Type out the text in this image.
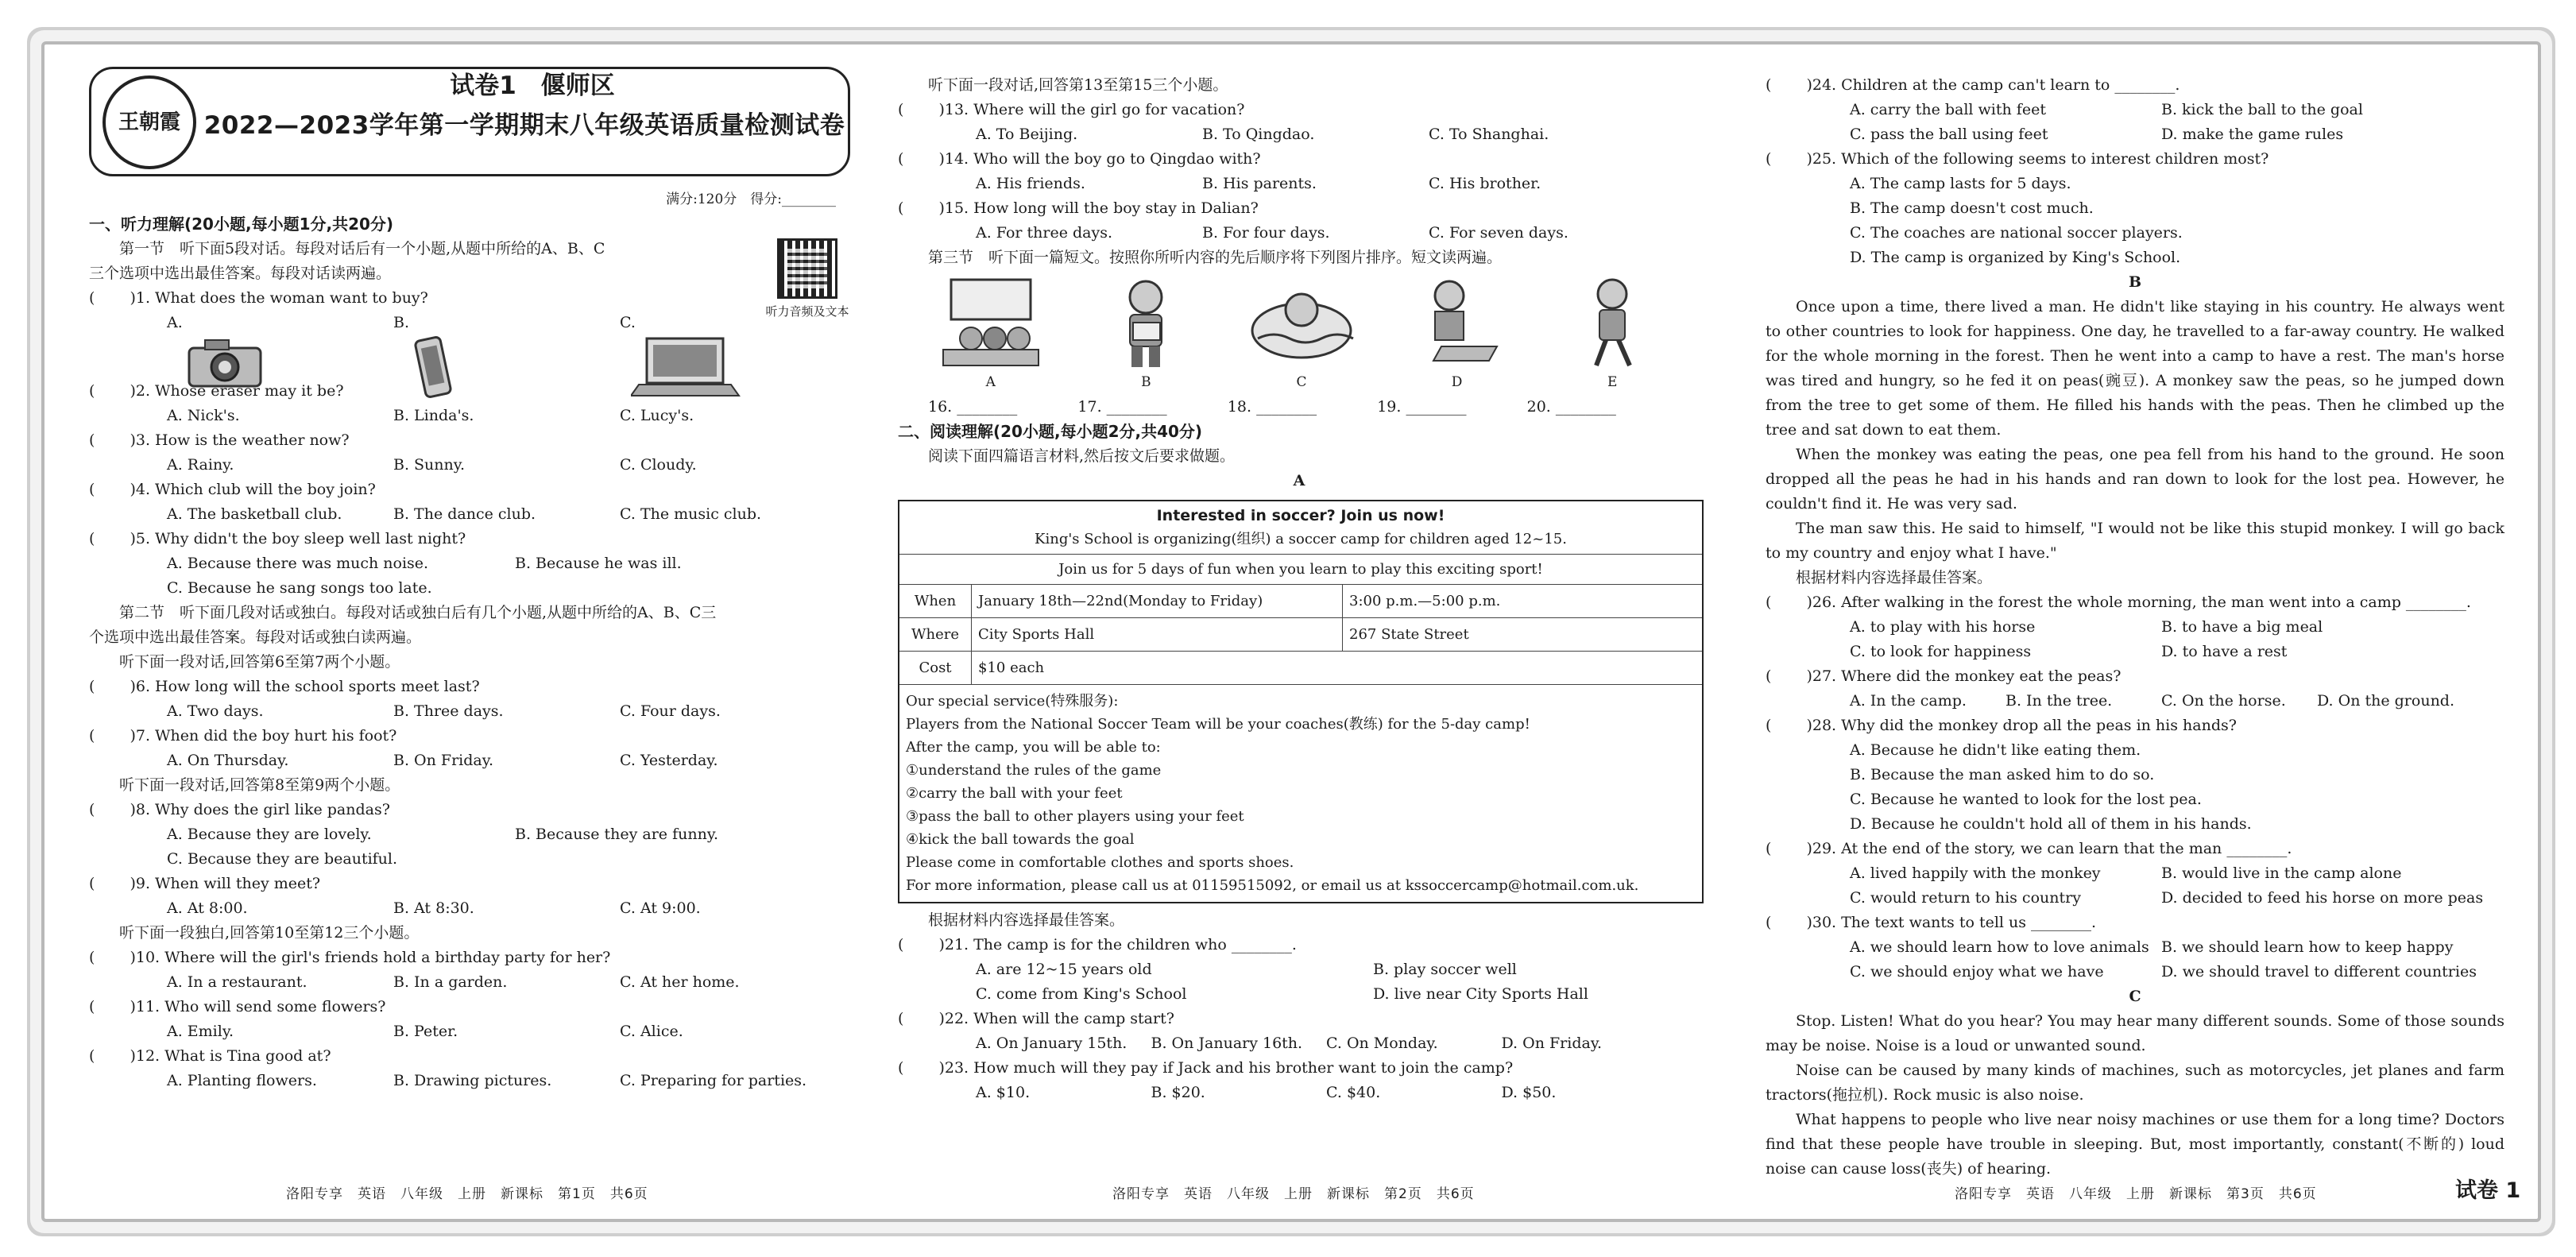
王朝霞
试卷1　偃师区
2022—2023学年第一学期期末八年级英语质量检测试卷
满分:120分　得分:________
听力音频及文本
一、听力理解(20小题,每小题1分,共20分)
第一节　听下面5段对话。每段对话后有一个小题,从题中所给的A、B、C
三个选项中选出最佳答案。每段对话读两遍。
( 　　)1. What does the woman want to buy?
A.	B.	C.
( 　　)2. Whose eraser may it be?
A. Nick's.	B. Linda's.	C. Lucy's.
( 　　)3. How is the weather now?
A. Rainy.	B. Sunny.	C. Cloudy.
( 　　)4. Which club will the boy join?
A. The basketball club.	B. The dance club.	C. The music club.
( 　　)5. Why didn't the boy sleep well last night?
A. Because there was much noise.	B. Because he was ill.
C. Because he sang songs too late.
第二节　听下面几段对话或独白。每段对话或独白后有几个小题,从题中所给的A、B、C三
个选项中选出最佳答案。每段对话或独白读两遍。
听下面一段对话,回答第6至第7两个小题。
( 　　)6. How long will the school sports meet last?
A. Two days.	B. Three days.	C. Four days.
( 　　)7. When did the boy hurt his foot?
A. On Thursday.	B. On Friday.	C. Yesterday.
听下面一段对话,回答第8至第9两个小题。
( 　　)8. Why does the girl like pandas?
A. Because they are lovely.	B. Because they are funny.
C. Because they are beautiful.
( 　　)9. When will they meet?
A. At 8:00.	B. At 8:30.	C. At 9:00.
听下面一段独白,回答第10至第12三个小题。
( 　　)10. Where will the girl's friends hold a birthday party for her?
A. In a restaurant.	B. In a garden.	C. At her home.
( 　　)11. Who will send some flowers?
A. Emily.	B. Peter.	C. Alice.
( 　　)12. What is Tina good at?
A. Planting flowers.	B. Drawing pictures.	C. Preparing for parties.
听下面一段对话,回答第13至第15三个小题。
( 　　)13. Where will the girl go for vacation?
A. To Beijing.	B. To Qingdao.	C. To Shanghai.
( 　　)14. Who will the boy go to Qingdao with?
A. His friends.	B. His parents.	C. His brother.
( 　　)15. How long will the boy stay in Dalian?
A. For three days.	B. For four days.	C. For seven days.
第三节　听下面一篇短文。按照你所听内容的先后顺序将下列图片排序。短文读两遍。
A	B	C	D	E
16. ________	17. ________	18. ________	19. ________	20. ________
二、阅读理解(20小题,每小题2分,共40分)
阅读下面四篇语言材料,然后按文后要求做题。
A
Interested in soccer? Join us now!
King's School is organizing(组织) a soccer camp for children aged 12~15.
Join us for 5 days of fun when you learn to play this exciting sport!
When	January 18th—22nd(Monday to Friday)	3:00 p.m.—5:00 p.m.
Where	City Sports Hall	267 State Street
Cost	$10 each	
Our special service(特殊服务):
Players from the National Soccer Team will be your coaches(教练) for the 5-day camp!
After the camp, you will be able to:
①understand the rules of the game
②carry the ball with your feet
③pass the ball to other players using your feet
④kick the ball towards the goal
Please come in comfortable clothes and sports shoes.
For more information, please call us at 01159515092, or email us at kssoccercamp@hotmail.com.uk.
根据材料内容选择最佳答案。
( 　　)21. The camp is for the children who ________.
A. are 12~15 years old	B. play soccer well
C. come from King's School	D. live near City Sports Hall
( 　　)22. When will the camp start?
A. On January 15th.	B. On January 16th.	C. On Monday.	D. On Friday.
( 　　)23. How much will they pay if Jack and his brother want to join the camp?
A. $10.	B. $20.	C. $40.	D. $50.
( 　　)24. Children at the camp can't learn to ________.
A. carry the ball with feet	B. kick the ball to the goal
C. pass the ball using feet	D. make the game rules
( 　　)25. Which of the following seems to interest children most?
A. The camp lasts for 5 days.
B. The camp doesn't cost much.
C. The coaches are national soccer players.
D. The camp is organized by King's School.
B
Once upon a time, there lived a man. He didn't like staying in his country. He always went to other countries to look for happiness. One day, he travelled to a far-away country. He walked for the whole morning in the forest. Then he went into a camp to have a rest. The man's horse was tired and hungry, so he fed it on peas(豌豆). A monkey saw the peas, so he jumped down from the tree to get some of them. He filled his hands with the peas. Then he climbed up the tree and sat down to eat them.
When the monkey was eating the peas, one pea fell from his hand to the ground. He soon dropped all the peas he had in his hands and ran down to look for the lost pea. However, he couldn't find it. He was very sad.
The man saw this. He said to himself, "I would not be like this stupid monkey. I will go back to my country and enjoy what I have."
根据材料内容选择最佳答案。
( 　　)26. After walking in the forest the whole morning, the man went into a camp ________.
A. to play with his horse	B. to have a big meal
C. to look for happiness	D. to have a rest
( 　　)27. Where did the monkey eat the peas?
A. In the camp.	B. In the tree.	C. On the horse.	D. On the ground.
( 　　)28. Why did the monkey drop all the peas in his hands?
A. Because he didn't like eating them.
B. Because the man asked him to do so.
C. Because he wanted to look for the lost pea.
D. Because he couldn't hold all of them in his hands.
( 　　)29. At the end of the story, we can learn that the man ________.
A. lived happily with the monkey	B. would live in the camp alone
C. would return to his country	D. decided to feed his horse on more peas
( 　　)30. The text wants to tell us ________.
A. we should learn how to love animals B. we should learn how to keep happy
C. we should enjoy what we have	D. we should travel to different countries
C
Stop. Listen! What do you hear? You may hear many different sounds. Some of those sounds may be noise. Noise is a loud or unwanted sound.
Noise can be caused by many kinds of machines, such as motorcycles, jet planes and farm tractors(拖拉机). Rock music is also noise.
What happens to people who live near noisy machines or use them for a long time? Doctors find that these people have trouble in sleeping. But, most importantly, constant(不断的) loud noise can cause loss(丧失) of hearing.
洛阳专享　英语　八年级　上册　新课标　第1页　共6页	洛阳专享　英语　八年级　上册　新课标　第2页　共6页	洛阳专享　英语　八年级　上册　新课标　第3页　共6页	试卷 1
